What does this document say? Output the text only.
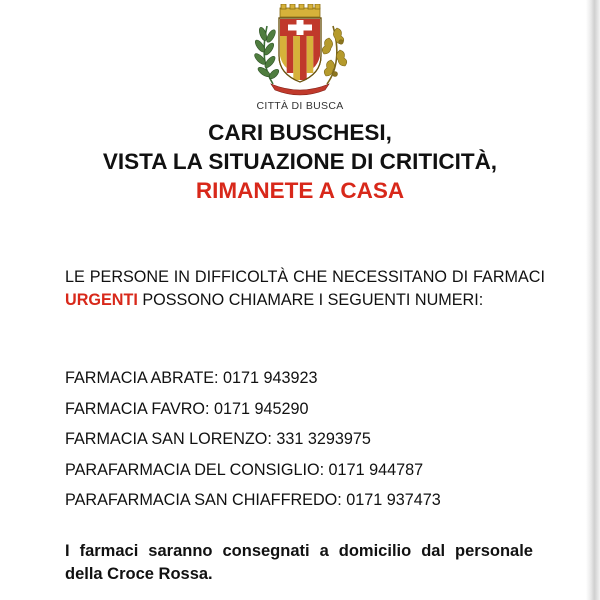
CITTÀ DI BUSCA
CARI BUSCHESI,
VISTA LA SITUAZIONE DI CRITICITÀ,
RIMANETE A CASA
LE PERSONE IN DIFFICOLTÀ CHE NECESSITANO DI FARMACI URGENTI POSSONO CHIAMARE I SEGUENTI NUMERI:
FARMACIA ABRATE: 0171 943923
FARMACIA FAVRO: 0171 945290
FARMACIA SAN LORENZO: 331 3293975
PARAFARMACIA DEL CONSIGLIO: 0171 944787
PARAFARMACIA SAN CHIAFFREDO: 0171 937473
I farmaci saranno consegnati a domicilio dal personale della Croce Rossa.
